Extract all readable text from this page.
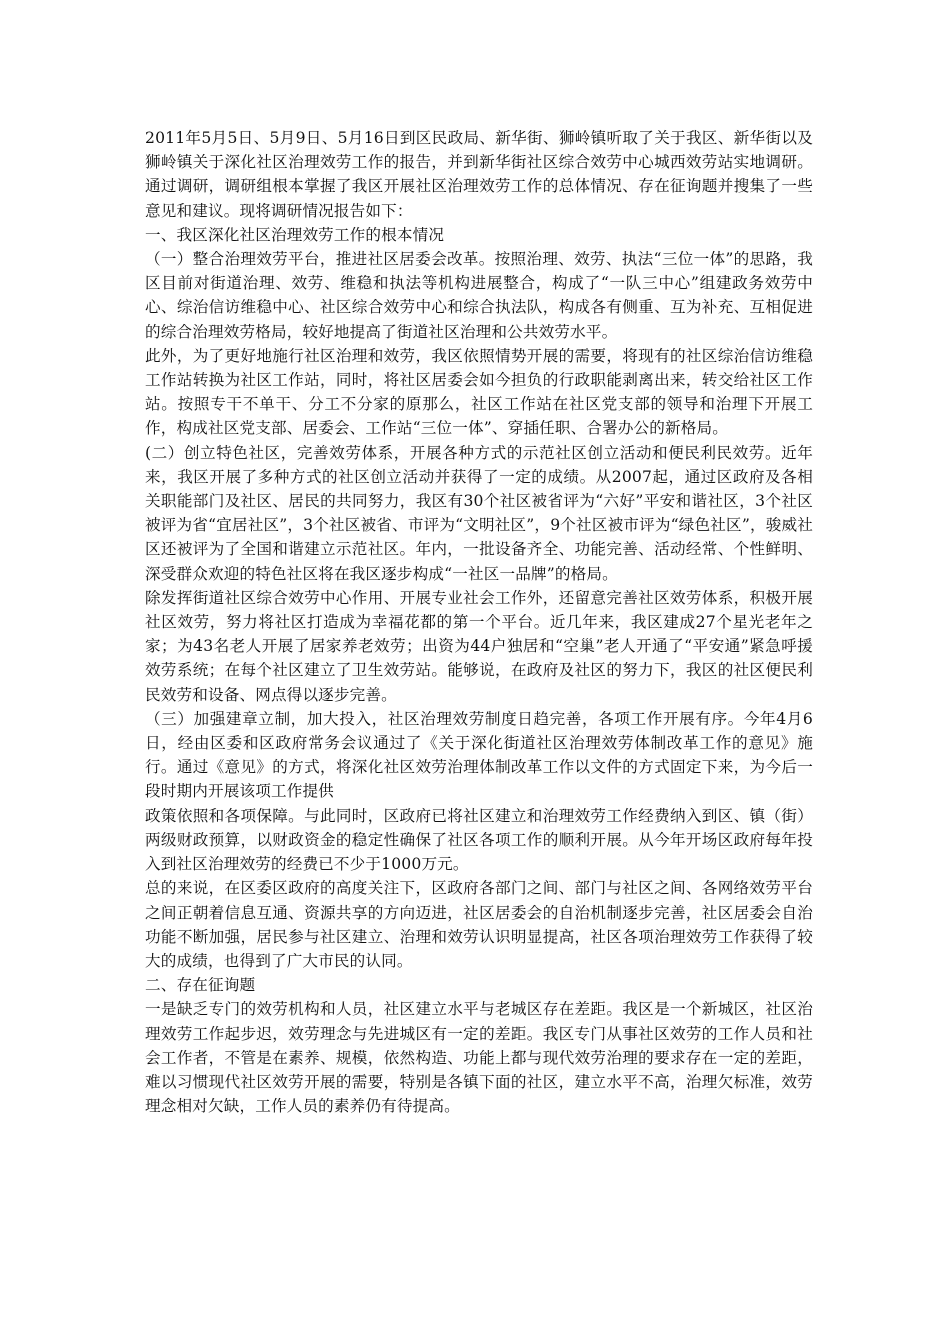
2011年5月5日、5月9日、5月16日到区民政局、新华街、狮岭镇听取了关于我区、新华街以及狮岭镇关于深化社区治理效劳工作的报告，并到新华街社区综合效劳中心城西效劳站实地调研。通过调研，调研组根本掌握了我区开展社区治理效劳工作的总体情况、存在征询题并搜集了一些意见和建议。现将调研情况报告如下：

一、我区深化社区治理效劳工作的根本情况

（一）整合治理效劳平台，推进社区居委会改革。按照治理、效劳、执法“三位一体”的思路，我区目前对街道治理、效劳、维稳和执法等机构进展整合，构成了“一队三中心”组建政务效劳中心、综治信访维稳中心、社区综合效劳中心和综合执法队，构成各有侧重、互为补充、互相促进的综合治理效劳格局，较好地提高了街道社区治理和公共效劳水平。

此外，为了更好地施行社区治理和效劳，我区依照情势开展的需要，将现有的社区综治信访维稳工作站转换为社区工作站，同时，将社区居委会如今担负的行政职能剥离出来，转交给社区工作站。按照专干不单干、分工不分家的原那么，社区工作站在社区党支部的领导和治理下开展工作，构成社区党支部、居委会、工作站“三位一体”、穿插任职、合署办公的新格局。

(二）创立特色社区，完善效劳体系，开展各种方式的示范社区创立活动和便民利民效劳。近年来，我区开展了多种方式的社区创立活动并获得了一定的成绩。从2007起，通过区政府及各相关职能部门及社区、居民的共同努力，我区有30个社区被省评为“六好”平安和谐社区，3个社区被评为省“宜居社区”，3个社区被省、市评为“文明社区”，9个社区被市评为“绿色社区”，骏威社区还被评为了全国和谐建立示范社区。年内，一批设备齐全、功能完善、活动经常、个性鲜明、深受群众欢迎的特色社区将在我区逐步构成“一社区一品牌”的格局。

除发挥街道社区综合效劳中心作用、开展专业社会工作外，还留意完善社区效劳体系，积极开展社区效劳，努力将社区打造成为幸福花都的第一个平台。近几年来，我区建成27个星光老年之家；为43名老人开展了居家养老效劳；出资为44户独居和“空巢”老人开通了“平安通”紧急呼援效劳系统；在每个社区建立了卫生效劳站。能够说，在政府及社区的努力下，我区的社区便民利民效劳和设备、网点得以逐步完善。

（三）加强建章立制，加大投入，社区治理效劳制度日趋完善，各项工作开展有序。今年4月6日，经由区委和区政府常务会议通过了《关于深化街道社区治理效劳体制改革工作的意见》施行。通过《意见》的方式，将深化社区效劳治理体制改革工作以文件的方式固定下来，为今后一段时期内开展该项工作提供

政策依照和各项保障。与此同时，区政府已将社区建立和治理效劳工作经费纳入到区、镇（街）两级财政预算，以财政资金的稳定性确保了社区各项工作的顺利开展。从今年开场区政府每年投入到社区治理效劳的经费已不少于1000万元。

总的来说，在区委区政府的高度关注下，区政府各部门之间、部门与社区之间、各网络效劳平台之间正朝着信息互通、资源共享的方向迈进，社区居委会的自治机制逐步完善，社区居委会自治功能不断加强，居民参与社区建立、治理和效劳认识明显提高，社区各项治理效劳工作获得了较大的成绩，也得到了广大市民的认同。

二、存在征询题

一是缺乏专门的效劳机构和人员，社区建立水平与老城区存在差距。我区是一个新城区，社区治理效劳工作起步迟，效劳理念与先进城区有一定的差距。我区专门从事社区效劳的工作人员和社会工作者，不管是在素养、规模，依然构造、功能上都与现代效劳治理的要求存在一定的差距，难以习惯现代社区效劳开展的需要，特别是各镇下面的社区，建立水平不高，治理欠标准，效劳理念相对欠缺，工作人员的素养仍有待提高。
